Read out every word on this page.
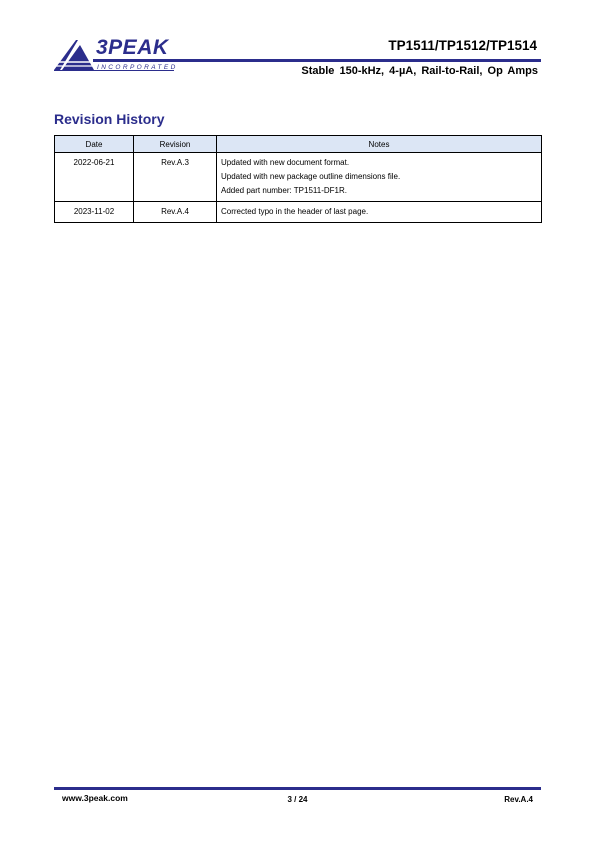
3PEAK
INCORPORATED
TP1511/TP1512/TP1514
Stable 150-kHz, 4-µA, Rail-to-Rail, Op Amps
Revision History
Date	Revision	Notes
2022-06-21	Rev.A.3	Updated with new document format.
Updated with new package outline dimensions file.
Added part number: TP1511-DF1R.

2023-11-02	Rev.A.4	Corrected typo in the header of last page.
www.3peak.com	3 / 24	Rev.A.4
